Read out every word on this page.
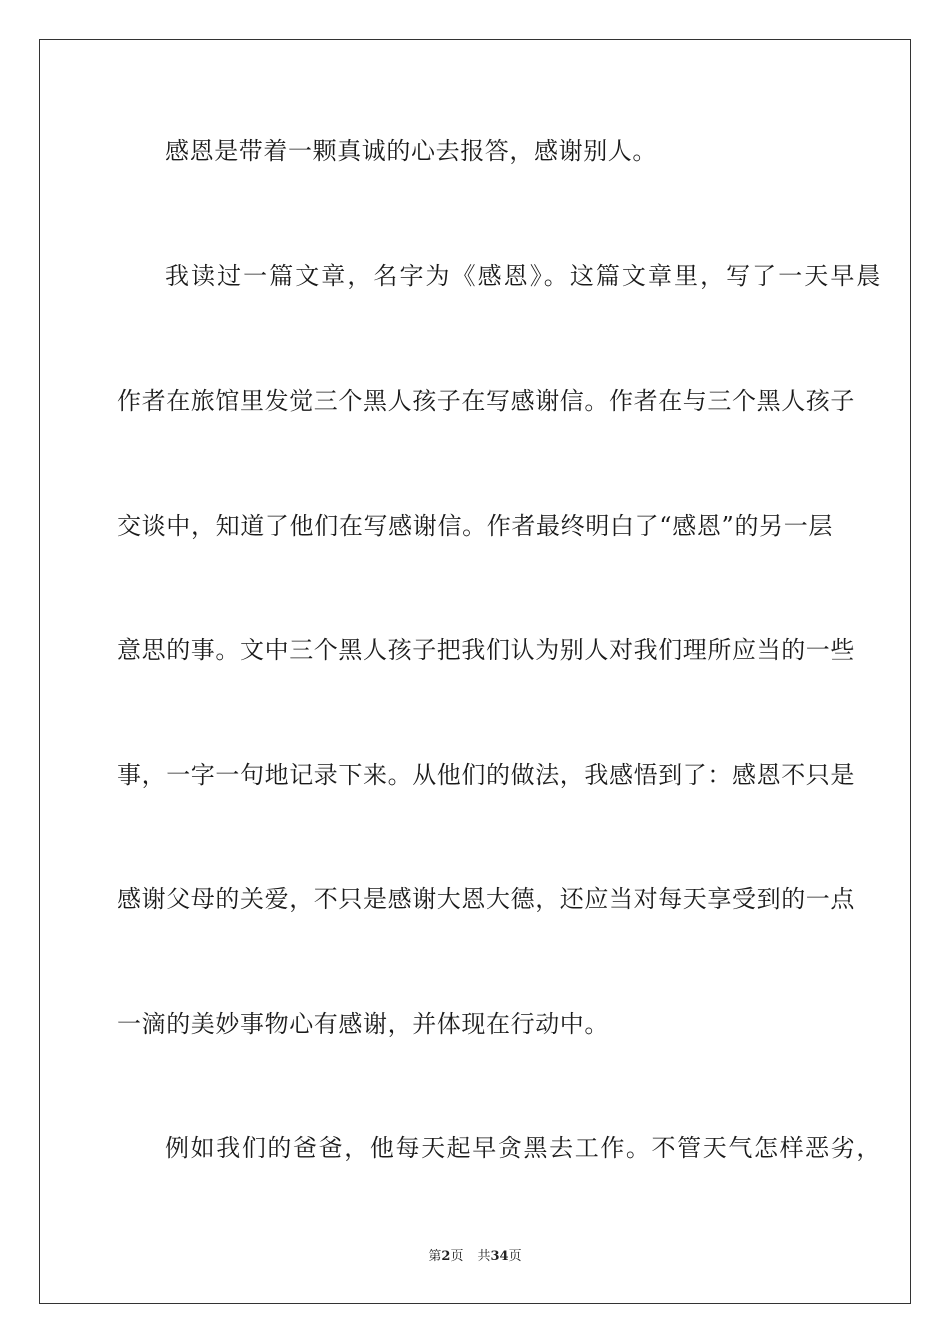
感恩是带着一颗真诚的心去报答，感谢别人。
我读过一篇文章，名字为《感恩》。这篇文章里，写了一天早晨
作者在旅馆里发觉三个黑人孩子在写感谢信。作者在与三个黑人孩子
交谈中，知道了他们在写感谢信。作者最终明白了“感恩”的另一层
意思的事。文中三个黑人孩子把我们认为别人对我们理所应当的一些
事，一字一句地记录下来。从他们的做法，我感悟到了：感恩不只是
感谢父母的关爱，不只是感谢大恩大德，还应当对每天享受到的一点
一滴的美妙事物心有感谢，并体现在行动中。
例如我们的爸爸，他每天起早贪黑去工作。不管天气怎样恶劣，
第2页 共34页
